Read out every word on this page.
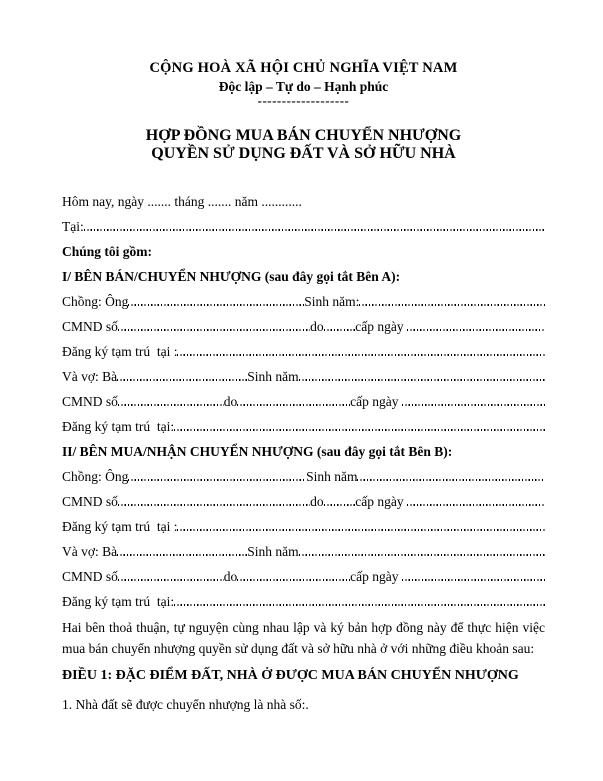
CỘNG HOÀ XÃ HỘI CHỦ NGHĨA VIỆT NAM
Độc lập – Tự do – Hạnh phúc
-------------------
HỢP ĐỒNG MUA BÁN CHUYỂN NHƯỢNG
QUYỀN SỬ DỤNG ĐẤT VÀ SỞ HỮU NHÀ
Hôm nay, ngày ....... tháng ....... năm ............
Tại:
Chúng tôi gồm:
I/ BÊN BÁN/CHUYỂN NHƯỢNG (sau đây gọi tắt Bên A):
Chồng: Ông	Sinh năm:
CMND số	do cấp ngày
Đăng ký tạm trú  tại :
Và vợ: Bà	Sinh năm
CMND số	do	cấp ngày
Đăng ký tạm trú  tại:
II/ BÊN MUA/NHẬN CHUYỂN NHƯỢNG (sau đây gọi tắt Bên B):
Chồng: Ông	Sinh năm
CMND số	do cấp ngày
Đăng ký tạm trú  tại :
Và vợ: Bà	Sinh năm
CMND số	do	cấp ngày
Đăng ký tạm trú  tại:
Hai bên thoả thuận, tự nguyện cùng nhau lập và ký bản hợp đồng này để thực hiện việc mua bán chuyển nhượng quyền sử dụng đất và sở hữu nhà ở với những điều khoản sau:
ĐIỀU 1: ĐẶC ĐIỂM ĐẤT, NHÀ Ở ĐƯỢC MUA BÁN CHUYỂN NHƯỢNG
1. Nhà đất sẽ được chuyển nhượng là nhà số:.
